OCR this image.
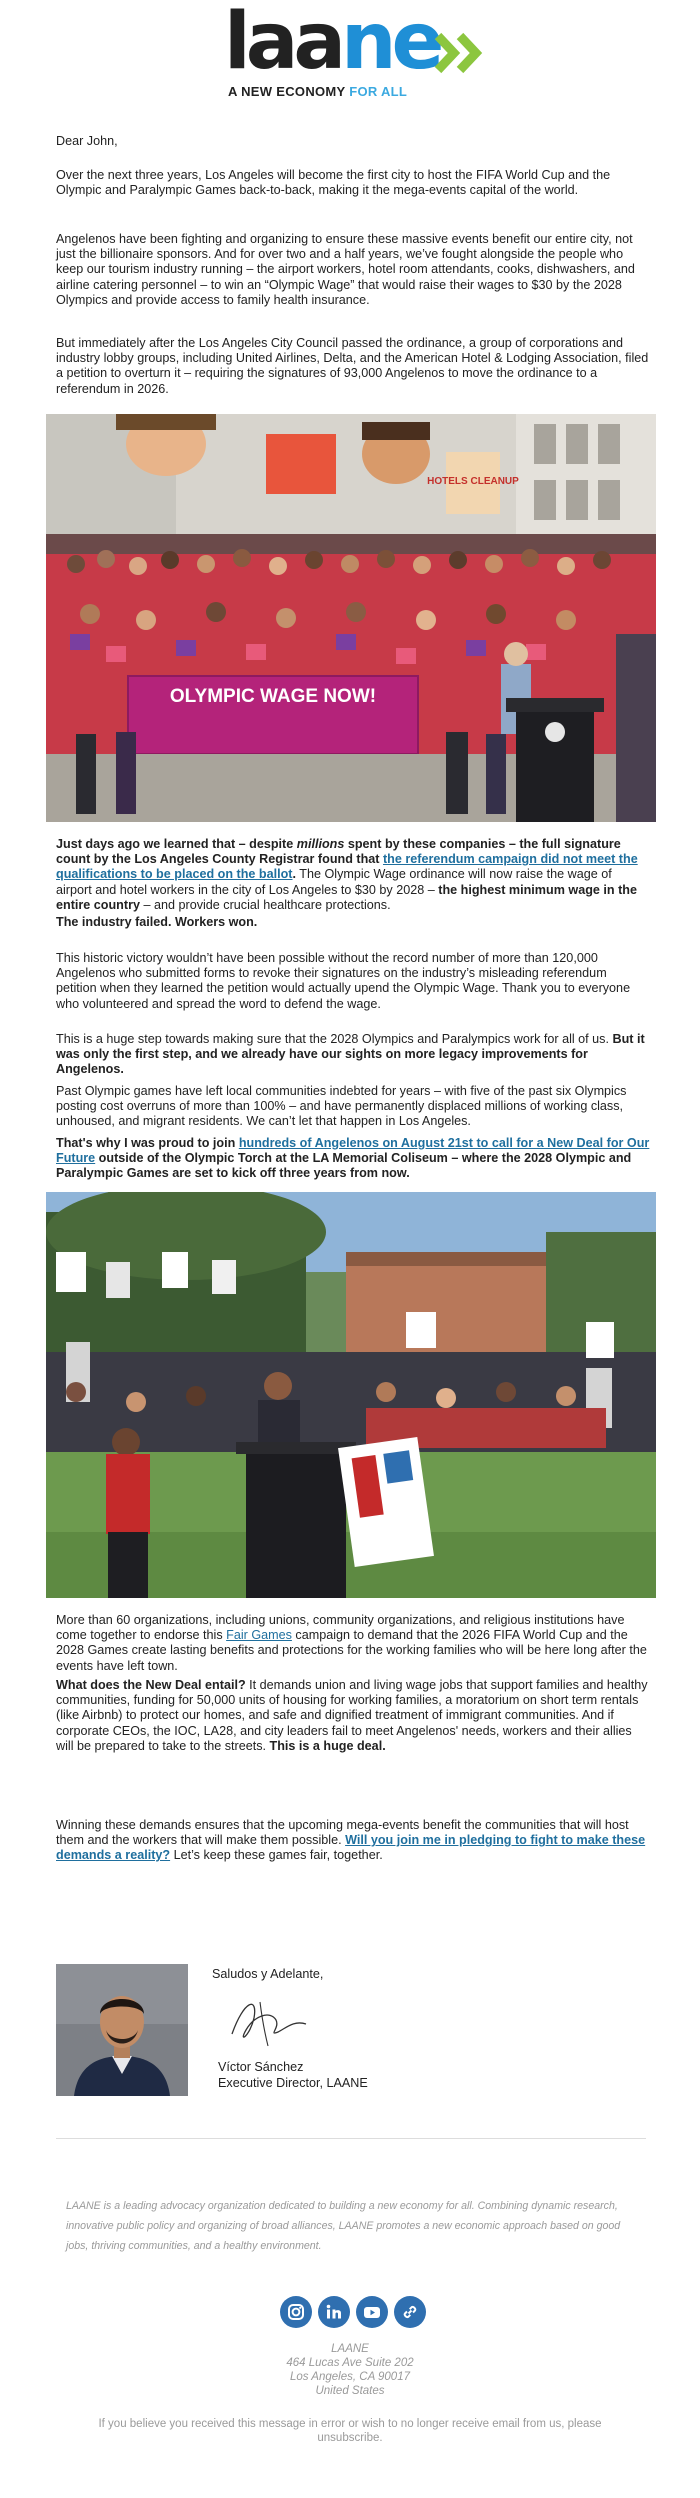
laane
A NEW ECONOMY FOR ALL
Dear John,
Over the next three years, Los Angeles will become the first city to host the FIFA World Cup and the Olympic and Paralympic Games back-to-back, making it the mega-events capital of the world.
Angelenos have been fighting and organizing to ensure these massive events benefit our entire city, not just the billionaire sponsors. And for over two and a half years, we’ve fought alongside the people who keep our tourism industry running – the airport workers, hotel room attendants, cooks, dishwashers, and airline catering personnel – to win an “Olympic Wage” that would raise their wages to $30 by the 2028 Olympics and provide access to family health insurance.
But immediately after the Los Angeles City Council passed the ordinance, a group of corporations and industry lobby groups, including United Airlines, Delta, and the American Hotel & Lodging Association, filed a petition to overturn it – requiring the signatures of 93,000 Angelenos to move the ordinance to a referendum in 2026.
HOTELS CLEANUP
OLYMPIC WAGE NOW!
Just days ago we learned that – despite millions spent by these companies – the full signature count by the Los Angeles County Registrar found that the referendum campaign did not meet the qualifications to be placed on the ballot. The Olympic Wage ordinance will now raise the wage of airport and hotel workers in the city of Los Angeles to $30 by 2028 – the highest minimum wage in the entire country – and provide crucial healthcare protections.
The industry failed. Workers won.
This historic victory wouldn’t have been possible without the record number of more than 120,000 Angelenos who submitted forms to revoke their signatures on the industry’s misleading referendum petition when they learned the petition would actually upend the Olympic Wage. Thank you to everyone who volunteered and spread the word to defend the wage.
This is a huge step towards making sure that the 2028 Olympics and Paralympics work for all of us. But it was only the first step, and we already have our sights on more legacy improvements for Angelenos.
Past Olympic games have left local communities indebted for years – with five of the past six Olympics posting cost overruns of more than 100% – and have permanently displaced millions of working class, unhoused, and migrant residents. We can’t let that happen in Los Angeles.
That's why I was proud to join hundreds of Angelenos on August 21st to call for a New Deal for Our Future outside of the Olympic Torch at the LA Memorial Coliseum – where the 2028 Olympic and Paralympic Games are set to kick off three years from now.
More than 60 organizations, including unions, community organizations, and religious institutions have come together to endorse this Fair Games campaign to demand that the 2026 FIFA World Cup and the 2028 Games create lasting benefits and protections for the working families who will be here long after the events have left town.
What does the New Deal entail? It demands union and living wage jobs that support families and healthy communities, funding for 50,000 units of housing for working families, a moratorium on short term rentals (like Airbnb) to protect our homes, and safe and dignified treatment of immigrant communities. And if corporate CEOs, the IOC, LA28, and city leaders fail to meet Angelenos' needs, workers and their allies will be prepared to take to the streets. This is a huge deal.
Winning these demands ensures that the upcoming mega-events benefit the communities that will host them and the workers that will make them possible. Will you join me in pledging to fight to make these demands a reality? Let’s keep these games fair, together.
Saludos y Adelante,
Víctor Sánchez
Executive Director, LAANE
LAANE is a leading advocacy organization dedicated to building a new economy for all. Combining dynamic research, innovative public policy and organizing of broad alliances, LAANE promotes a new economic approach based on good jobs, thriving communities, and a healthy environment.
LAANE
464 Lucas Ave Suite 202
Los Angeles, CA 90017
United States
If you believe you received this message in error or wish to no longer receive email from us, please unsubscribe.
